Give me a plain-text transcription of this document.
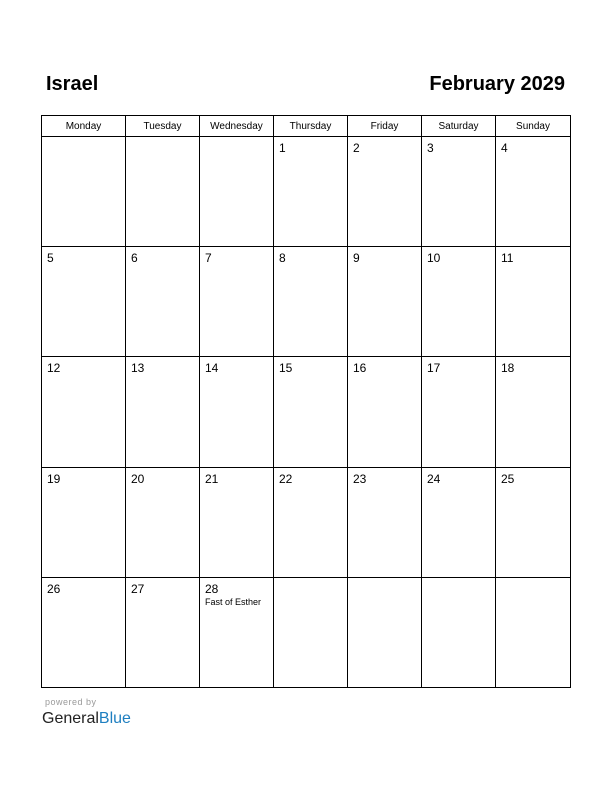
Israel	February 2029
Monday	Tuesday	Wednesday	Thursday	Friday	Saturday	Sunday

			1	2	3	4

5	6	7	8	9	10	11

12	13	14	15	16	17	18

19	20	21	22	23	24	25

26	27	28
Fast of Esther				

powered by
GeneralBlue
